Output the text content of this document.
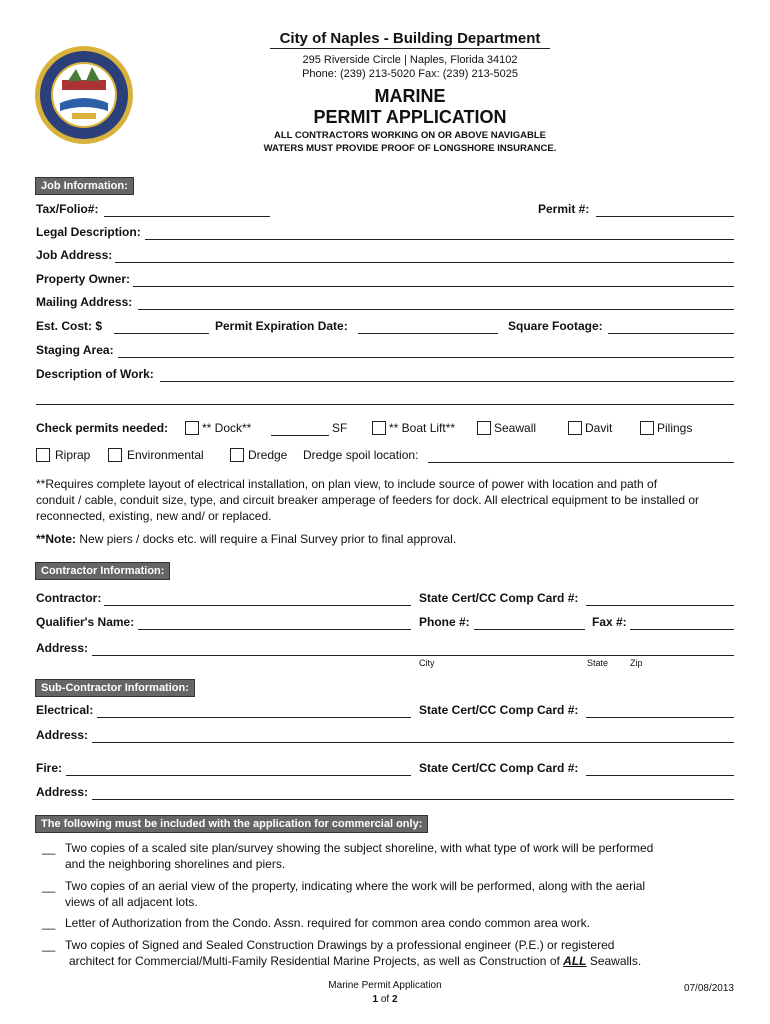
City of Naples - Building Department
295 Riverside Circle | Naples, Florida 34102
Phone: (239) 213-5020 Fax: (239) 213-5025
MARINE
PERMIT APPLICATION
ALL CONTRACTORS WORKING ON OR ABOVE NAVIGABLE
WATERS MUST PROVIDE PROOF OF LONGSHORE INSURANCE.
Job Information:
Tax/Folio#:	Permit #:
Legal Description:
Job Address:
Property Owner:
Mailing Address:
Est. Cost: $	Permit Expiration Date:	Square Footage:
Staging Area:
Description of Work:
Check permits needed:	** Dock**	SF	** Boat Lift**	Seawall	Davit	Pilings
Riprap	Environmental	Dredge Dredge spoil location:
**Requires complete layout of electrical installation, on plan view, to include source of power with location and path of
conduit / cable, conduit size, type, and circuit breaker amperage of feeders for dock. All electrical equipment to be installed or
reconnected, existing, new and/ or replaced.
**Note: New piers / docks etc. will require a Final Survey prior to final approval.
Contractor Information:
Contractor:	State Cert/CC Comp Card #:
Qualifier's Name:	Phone #:	Fax #:
Address:
City	State Zip
Sub-Contractor Information:
Electrical:	State Cert/CC Comp Card #:
Address:
Fire:	State Cert/CC Comp Card #:
Address:
The following must be included with the application for commercial only:
__ Two copies of a scaled site plan/survey showing the subject shoreline, with what type of work will be performed
and the neighboring shorelines and piers.
__ Two copies of an aerial view of the property, indicating where the work will be performed, along with the aerial
views of all adjacent lots.
__ Letter of Authorization from the Condo. Assn. required for common area condo common area work.
__ Two copies of Signed and Sealed Construction Drawings by a professional engineer (P.E.) or registered
architect for Commercial/Multi-Family Residential Marine Projects, as well as Construction of ALL Seawalls.
Marine Permit Application
1 of 2
07/08/2013
